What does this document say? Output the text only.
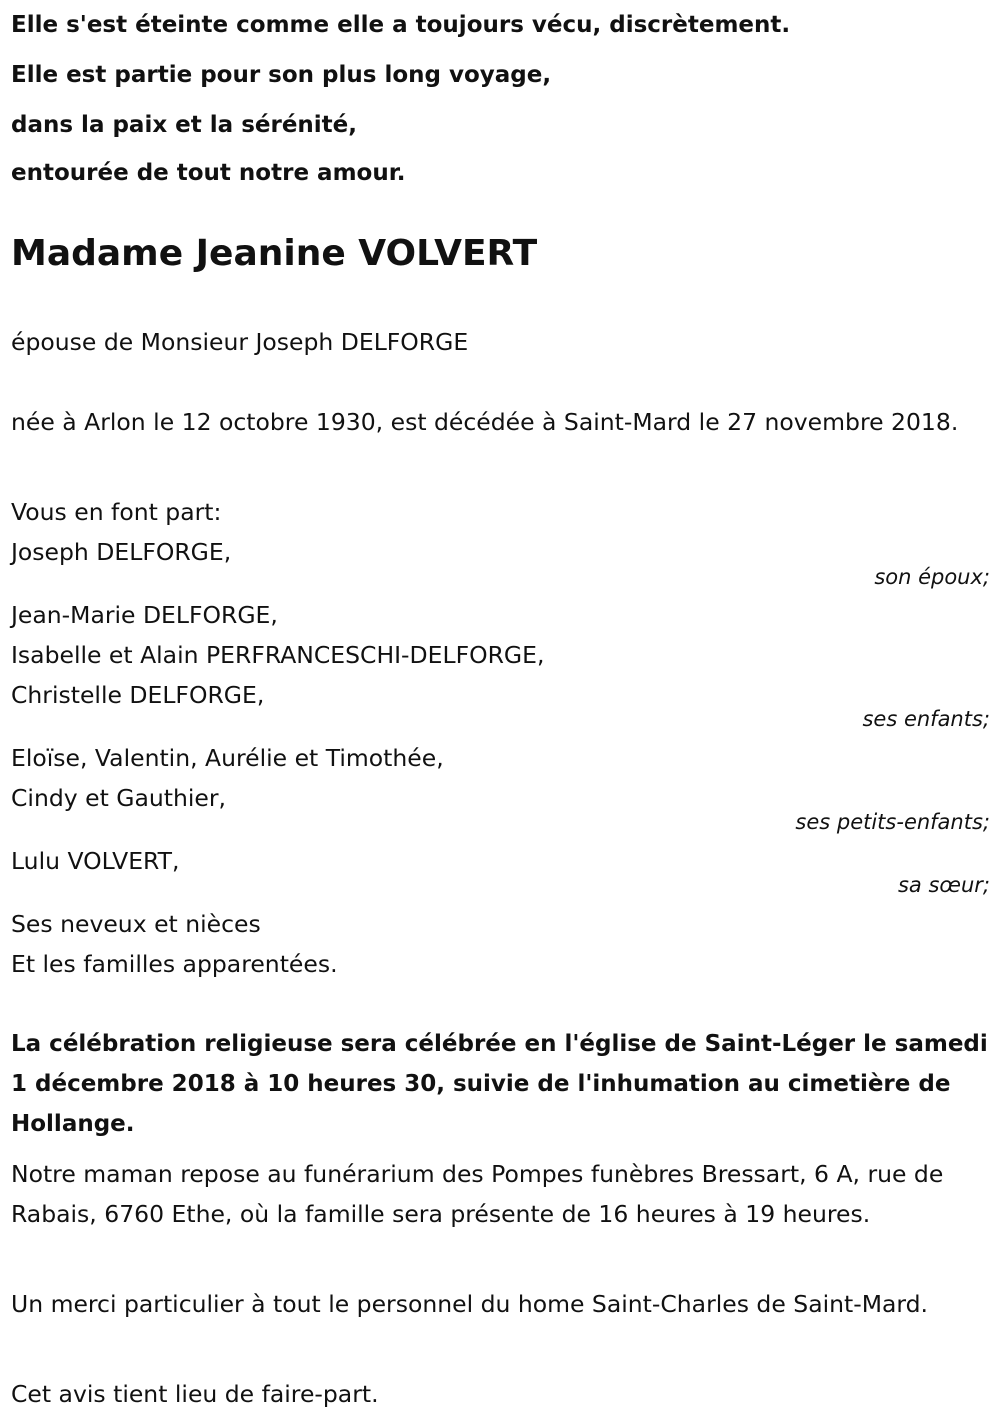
Elle s'est éteinte comme elle a toujours vécu, discrètement.
Elle est partie pour son plus long voyage,
dans la paix et la sérénité,
entourée de tout notre amour.
Madame Jeanine VOLVERT
épouse de Monsieur Joseph DELFORGE
née à Arlon le 12 octobre 1930, est décédée à Saint-Mard le 27 novembre 2018.
Vous en font part:
Joseph DELFORGE,
son époux;
Jean-Marie DELFORGE,
Isabelle et Alain PERFRANCESCHI-DELFORGE,
Christelle DELFORGE,
ses enfants;
Eloïse, Valentin, Aurélie et Timothée,
Cindy et Gauthier,
ses petits-enfants;
Lulu VOLVERT,
sa sœur;
Ses neveux et nièces
Et les familles apparentées.
La célébration religieuse sera célébrée en l'église de Saint-Léger le samedi 1 décembre 2018 à 10 heures 30, suivie de l'inhumation au cimetière de Hollange.
Notre maman repose au funérarium des Pompes funèbres Bressart, 6 A, rue de Rabais, 6760 Ethe, où la famille sera présente de 16 heures à 19 heures.
Un merci particulier à tout le personnel du home Saint-Charles de Saint-Mard.
Cet avis tient lieu de faire-part.
